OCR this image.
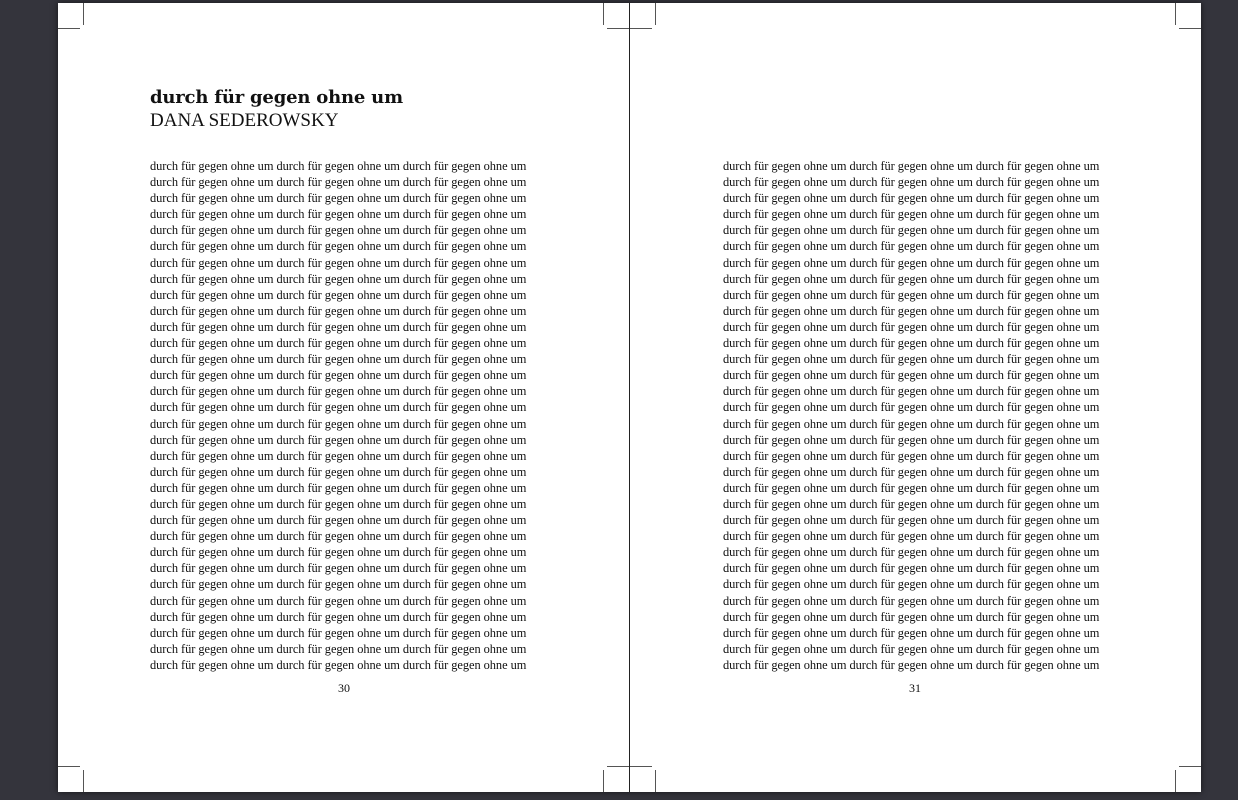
durch für gegen ohne um
DANA SEDEROWSKY
durch für gegen ohne um durch für gegen ohne um durch für gegen ohne um
durch für gegen ohne um durch für gegen ohne um durch für gegen ohne um
durch für gegen ohne um durch für gegen ohne um durch für gegen ohne um
durch für gegen ohne um durch für gegen ohne um durch für gegen ohne um
durch für gegen ohne um durch für gegen ohne um durch für gegen ohne um
durch für gegen ohne um durch für gegen ohne um durch für gegen ohne um
durch für gegen ohne um durch für gegen ohne um durch für gegen ohne um
durch für gegen ohne um durch für gegen ohne um durch für gegen ohne um
durch für gegen ohne um durch für gegen ohne um durch für gegen ohne um
durch für gegen ohne um durch für gegen ohne um durch für gegen ohne um
durch für gegen ohne um durch für gegen ohne um durch für gegen ohne um
durch für gegen ohne um durch für gegen ohne um durch für gegen ohne um
durch für gegen ohne um durch für gegen ohne um durch für gegen ohne um
durch für gegen ohne um durch für gegen ohne um durch für gegen ohne um
durch für gegen ohne um durch für gegen ohne um durch für gegen ohne um
durch für gegen ohne um durch für gegen ohne um durch für gegen ohne um
durch für gegen ohne um durch für gegen ohne um durch für gegen ohne um
durch für gegen ohne um durch für gegen ohne um durch für gegen ohne um
durch für gegen ohne um durch für gegen ohne um durch für gegen ohne um
durch für gegen ohne um durch für gegen ohne um durch für gegen ohne um
durch für gegen ohne um durch für gegen ohne um durch für gegen ohne um
durch für gegen ohne um durch für gegen ohne um durch für gegen ohne um
durch für gegen ohne um durch für gegen ohne um durch für gegen ohne um
durch für gegen ohne um durch für gegen ohne um durch für gegen ohne um
durch für gegen ohne um durch für gegen ohne um durch für gegen ohne um
durch für gegen ohne um durch für gegen ohne um durch für gegen ohne um
durch für gegen ohne um durch für gegen ohne um durch für gegen ohne um
durch für gegen ohne um durch für gegen ohne um durch für gegen ohne um
durch für gegen ohne um durch für gegen ohne um durch für gegen ohne um
durch für gegen ohne um durch für gegen ohne um durch für gegen ohne um
durch für gegen ohne um durch für gegen ohne um durch für gegen ohne um
durch für gegen ohne um durch für gegen ohne um durch für gegen ohne um
30
durch für gegen ohne um durch für gegen ohne um durch für gegen ohne um
durch für gegen ohne um durch für gegen ohne um durch für gegen ohne um
durch für gegen ohne um durch für gegen ohne um durch für gegen ohne um
durch für gegen ohne um durch für gegen ohne um durch für gegen ohne um
durch für gegen ohne um durch für gegen ohne um durch für gegen ohne um
durch für gegen ohne um durch für gegen ohne um durch für gegen ohne um
durch für gegen ohne um durch für gegen ohne um durch für gegen ohne um
durch für gegen ohne um durch für gegen ohne um durch für gegen ohne um
durch für gegen ohne um durch für gegen ohne um durch für gegen ohne um
durch für gegen ohne um durch für gegen ohne um durch für gegen ohne um
durch für gegen ohne um durch für gegen ohne um durch für gegen ohne um
durch für gegen ohne um durch für gegen ohne um durch für gegen ohne um
durch für gegen ohne um durch für gegen ohne um durch für gegen ohne um
durch für gegen ohne um durch für gegen ohne um durch für gegen ohne um
durch für gegen ohne um durch für gegen ohne um durch für gegen ohne um
durch für gegen ohne um durch für gegen ohne um durch für gegen ohne um
durch für gegen ohne um durch für gegen ohne um durch für gegen ohne um
durch für gegen ohne um durch für gegen ohne um durch für gegen ohne um
durch für gegen ohne um durch für gegen ohne um durch für gegen ohne um
durch für gegen ohne um durch für gegen ohne um durch für gegen ohne um
durch für gegen ohne um durch für gegen ohne um durch für gegen ohne um
durch für gegen ohne um durch für gegen ohne um durch für gegen ohne um
durch für gegen ohne um durch für gegen ohne um durch für gegen ohne um
durch für gegen ohne um durch für gegen ohne um durch für gegen ohne um
durch für gegen ohne um durch für gegen ohne um durch für gegen ohne um
durch für gegen ohne um durch für gegen ohne um durch für gegen ohne um
durch für gegen ohne um durch für gegen ohne um durch für gegen ohne um
durch für gegen ohne um durch für gegen ohne um durch für gegen ohne um
durch für gegen ohne um durch für gegen ohne um durch für gegen ohne um
durch für gegen ohne um durch für gegen ohne um durch für gegen ohne um
durch für gegen ohne um durch für gegen ohne um durch für gegen ohne um
durch für gegen ohne um durch für gegen ohne um durch für gegen ohne um
31
